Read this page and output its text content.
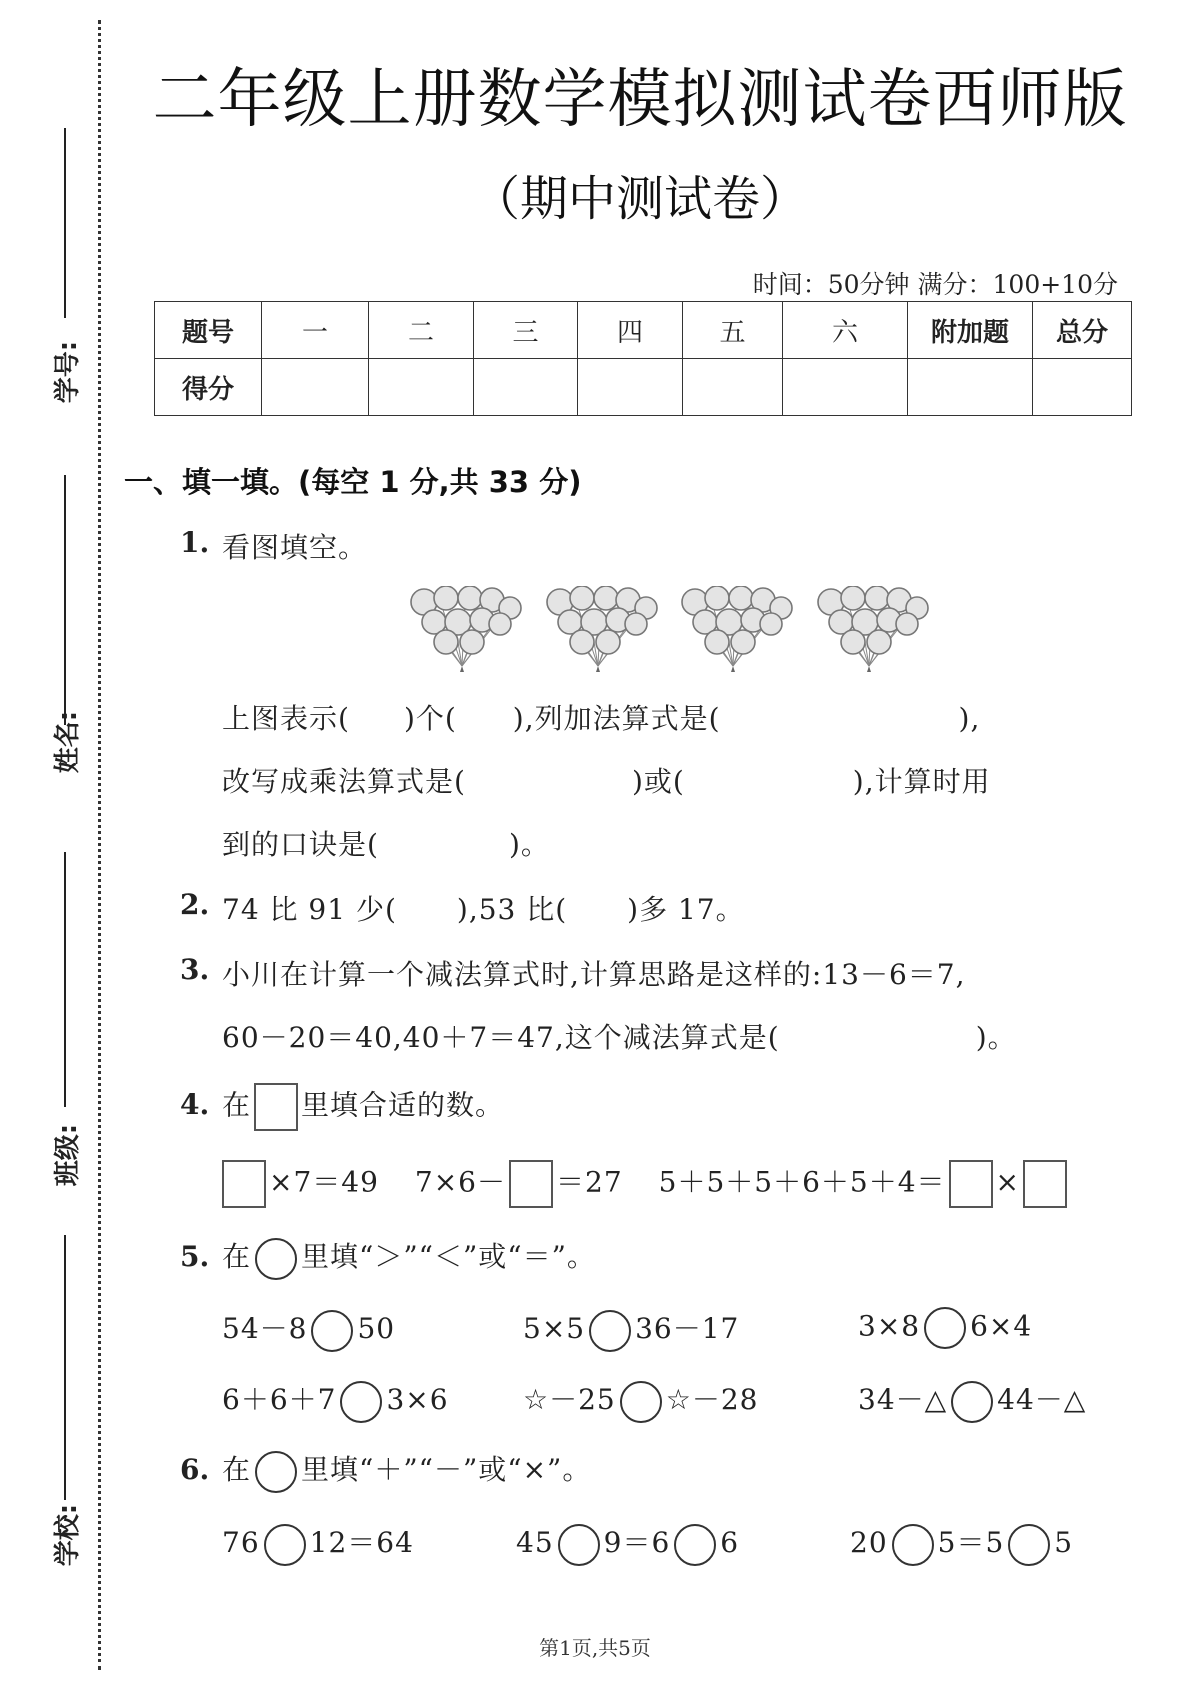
学号:
姓名:
班级:
学校:
二年级上册数学模拟测试卷西师版
（期中测试卷）
时间：50分钟 满分：100+10分
题号	一	二	三	四	五	六	附加题	总分
得分								
一、填一填。(每空 1 分,共 33 分)
1. 看图填空。
上图表示( )个( ),列加法算式是(	),
改写成乘法算式是(	)或(	),计算时用
到的口诀是(	)。
2. 74 比 91 少( ),53 比( )多 17。
3. 小川在计算一个减法算式时,计算思路是这样的:13－6＝7,
60－20＝40,40＋7＝47,这个减法算式是(	)。
4. 在 里填合适的数。
×7＝49 7×6－ ＝27 5＋5＋5＋6＋5＋4＝ ×
5. 在 里填“＞”“＜”或“＝”。
54－8 50	5×5 36－17	3×8 6×4
6＋6＋7 3×6	☆－25 ☆－28	34－△ 44－△
6. 在 里填“＋”“－”或“×”。
76 12＝64	45 9＝6 6	20 5＝5 5
第1页,共5页
